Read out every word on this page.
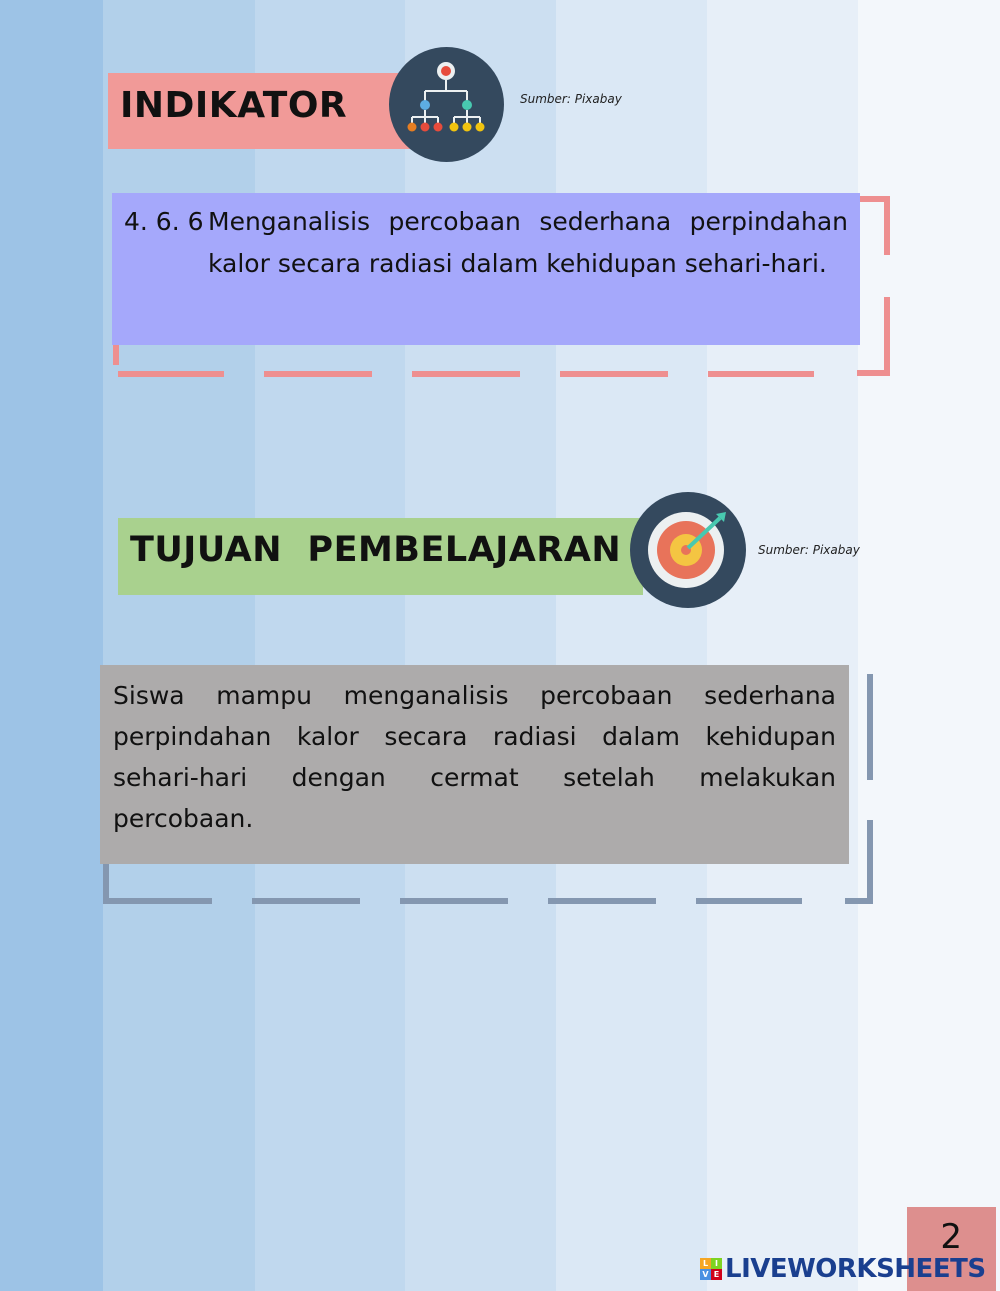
INDIKATOR	Sumber: Pixabay
4. 6. 6 Menganalisis percobaan sederhana perpindahan kalor secara radiasi dalam kehidupan sehari-hari.
TUJUAN  PEMBELAJARAN	Sumber: Pixabay
Siswa mampu menganalisis percobaan sederhana perpindahan kalor secara radiasi dalam kehidupan sehari-hari dengan cermat setelah melakukan percobaan.
2
L I
V E LIVEWORKSHEETS
